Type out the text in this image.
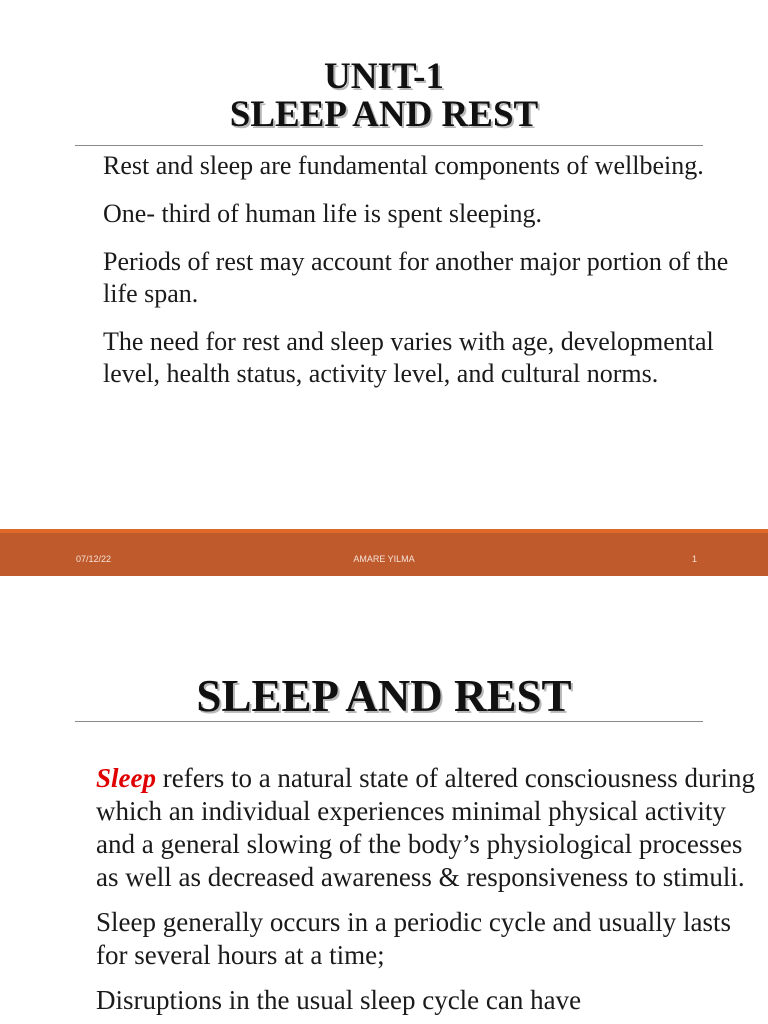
UNIT-1
SLEEP AND REST
Rest and sleep are fundamental components of wellbeing.
One- third of human life is spent sleeping.
Periods of rest may account for another major portion of the life span.
The need for rest and sleep varies with age, developmental level, health status, activity level, and cultural norms.
07/12/22	AMARE YILMA	1
SLEEP AND REST
Sleep refers to a natural state of altered consciousness during which an individual experiences minimal physical activity and a general slowing of the body’s physiological processes as well as decreased awareness & responsiveness to stimuli.
Sleep generally occurs in a periodic cycle and usually lasts for several hours at a time;
Disruptions in the usual sleep cycle can have
